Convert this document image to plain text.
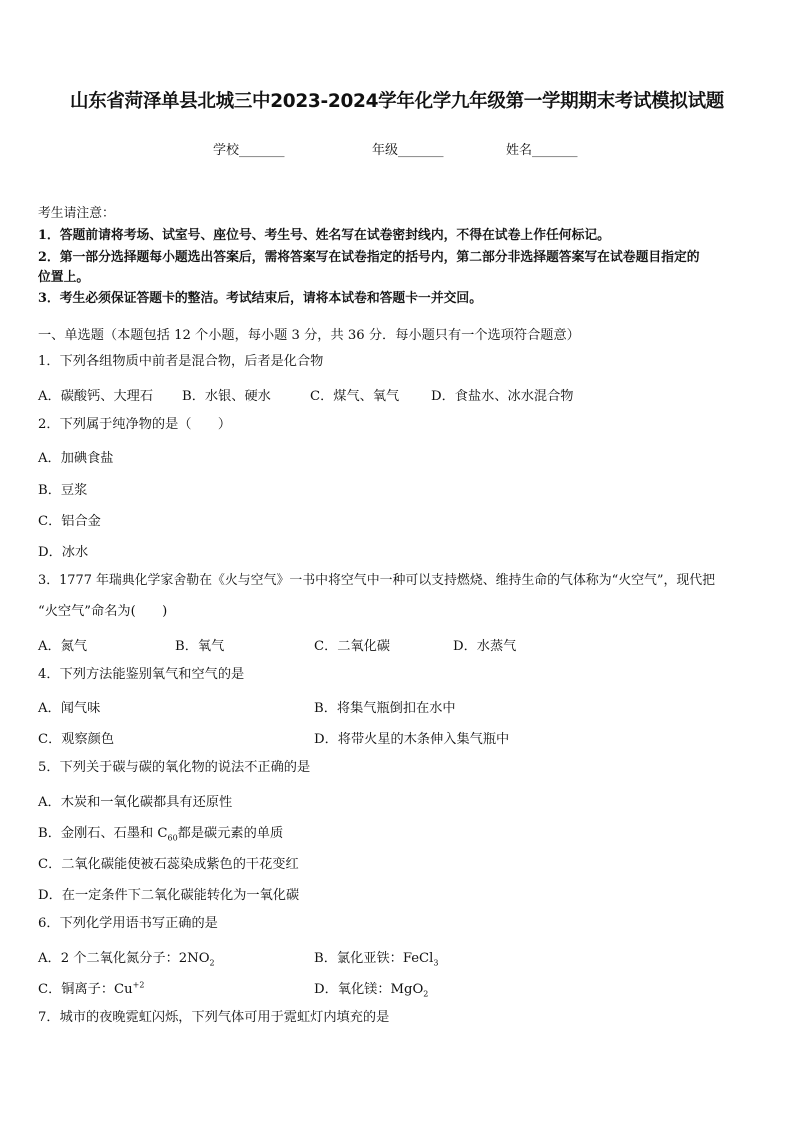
山东省菏泽单县北城三中2023-2024学年化学九年级第一学期期末考试模拟试题
学校_______	年级_______	姓名_______
考生请注意：
1．答题前请将考场、试室号、座位号、考生号、姓名写在试卷密封线内，不得在试卷上作任何标记。
2．第一部分选择题每小题选出答案后，需将答案写在试卷指定的括号内，第二部分非选择题答案写在试卷题目指定的
位置上。
3．考生必须保证答题卡的整洁。考试结束后，请将本试卷和答题卡一并交回。
一、单选题（本题包括 12 个小题，每小题 3 分，共 36 分．每小题只有一个选项符合题意）
1．下列各组物质中前者是混合物，后者是化合物
A．碳酸钙、大理石 B．水银、硬水	C．煤气、氧气 D．食盐水、冰水混合物
2．下列属于纯净物的是（　　）
A．加碘食盐
B．豆浆
C．铝合金
D．冰水
3．1777 年瑞典化学家舍勒在《火与空气》一书中将空气中一种可以支持燃烧、维持生命的气体称为“火空气”，现代把
“火空气”命名为(　　)
A．氮气	B．氧气	C．二氧化碳	D．水蒸气
4．下列方法能鉴别氧气和空气的是
A．闻气味	B．将集气瓶倒扣在水中
C．观察颜色	D．将带火星的木条伸入集气瓶中
5．下列关于碳与碳的氧化物的说法不正确的是
A．木炭和一氧化碳都具有还原性
B．金刚石、石墨和 $C_{60}$都是碳元素的单质
C．二氧化碳能使被石蕊染成紫色的干花变红
D．在一定条件下二氧化碳能转化为一氧化碳
6．下列化学用语书写正确的是
A．2 个二氧化氮分子：$2NO_2$	B．氯化亚铁：FeCl$_3$
C．铜离子：$Cu^{+2}$	D．氧化镁：MgO$_2$
7．城市的夜晚霓虹闪烁，下列气体可用于霓虹灯内填充的是
